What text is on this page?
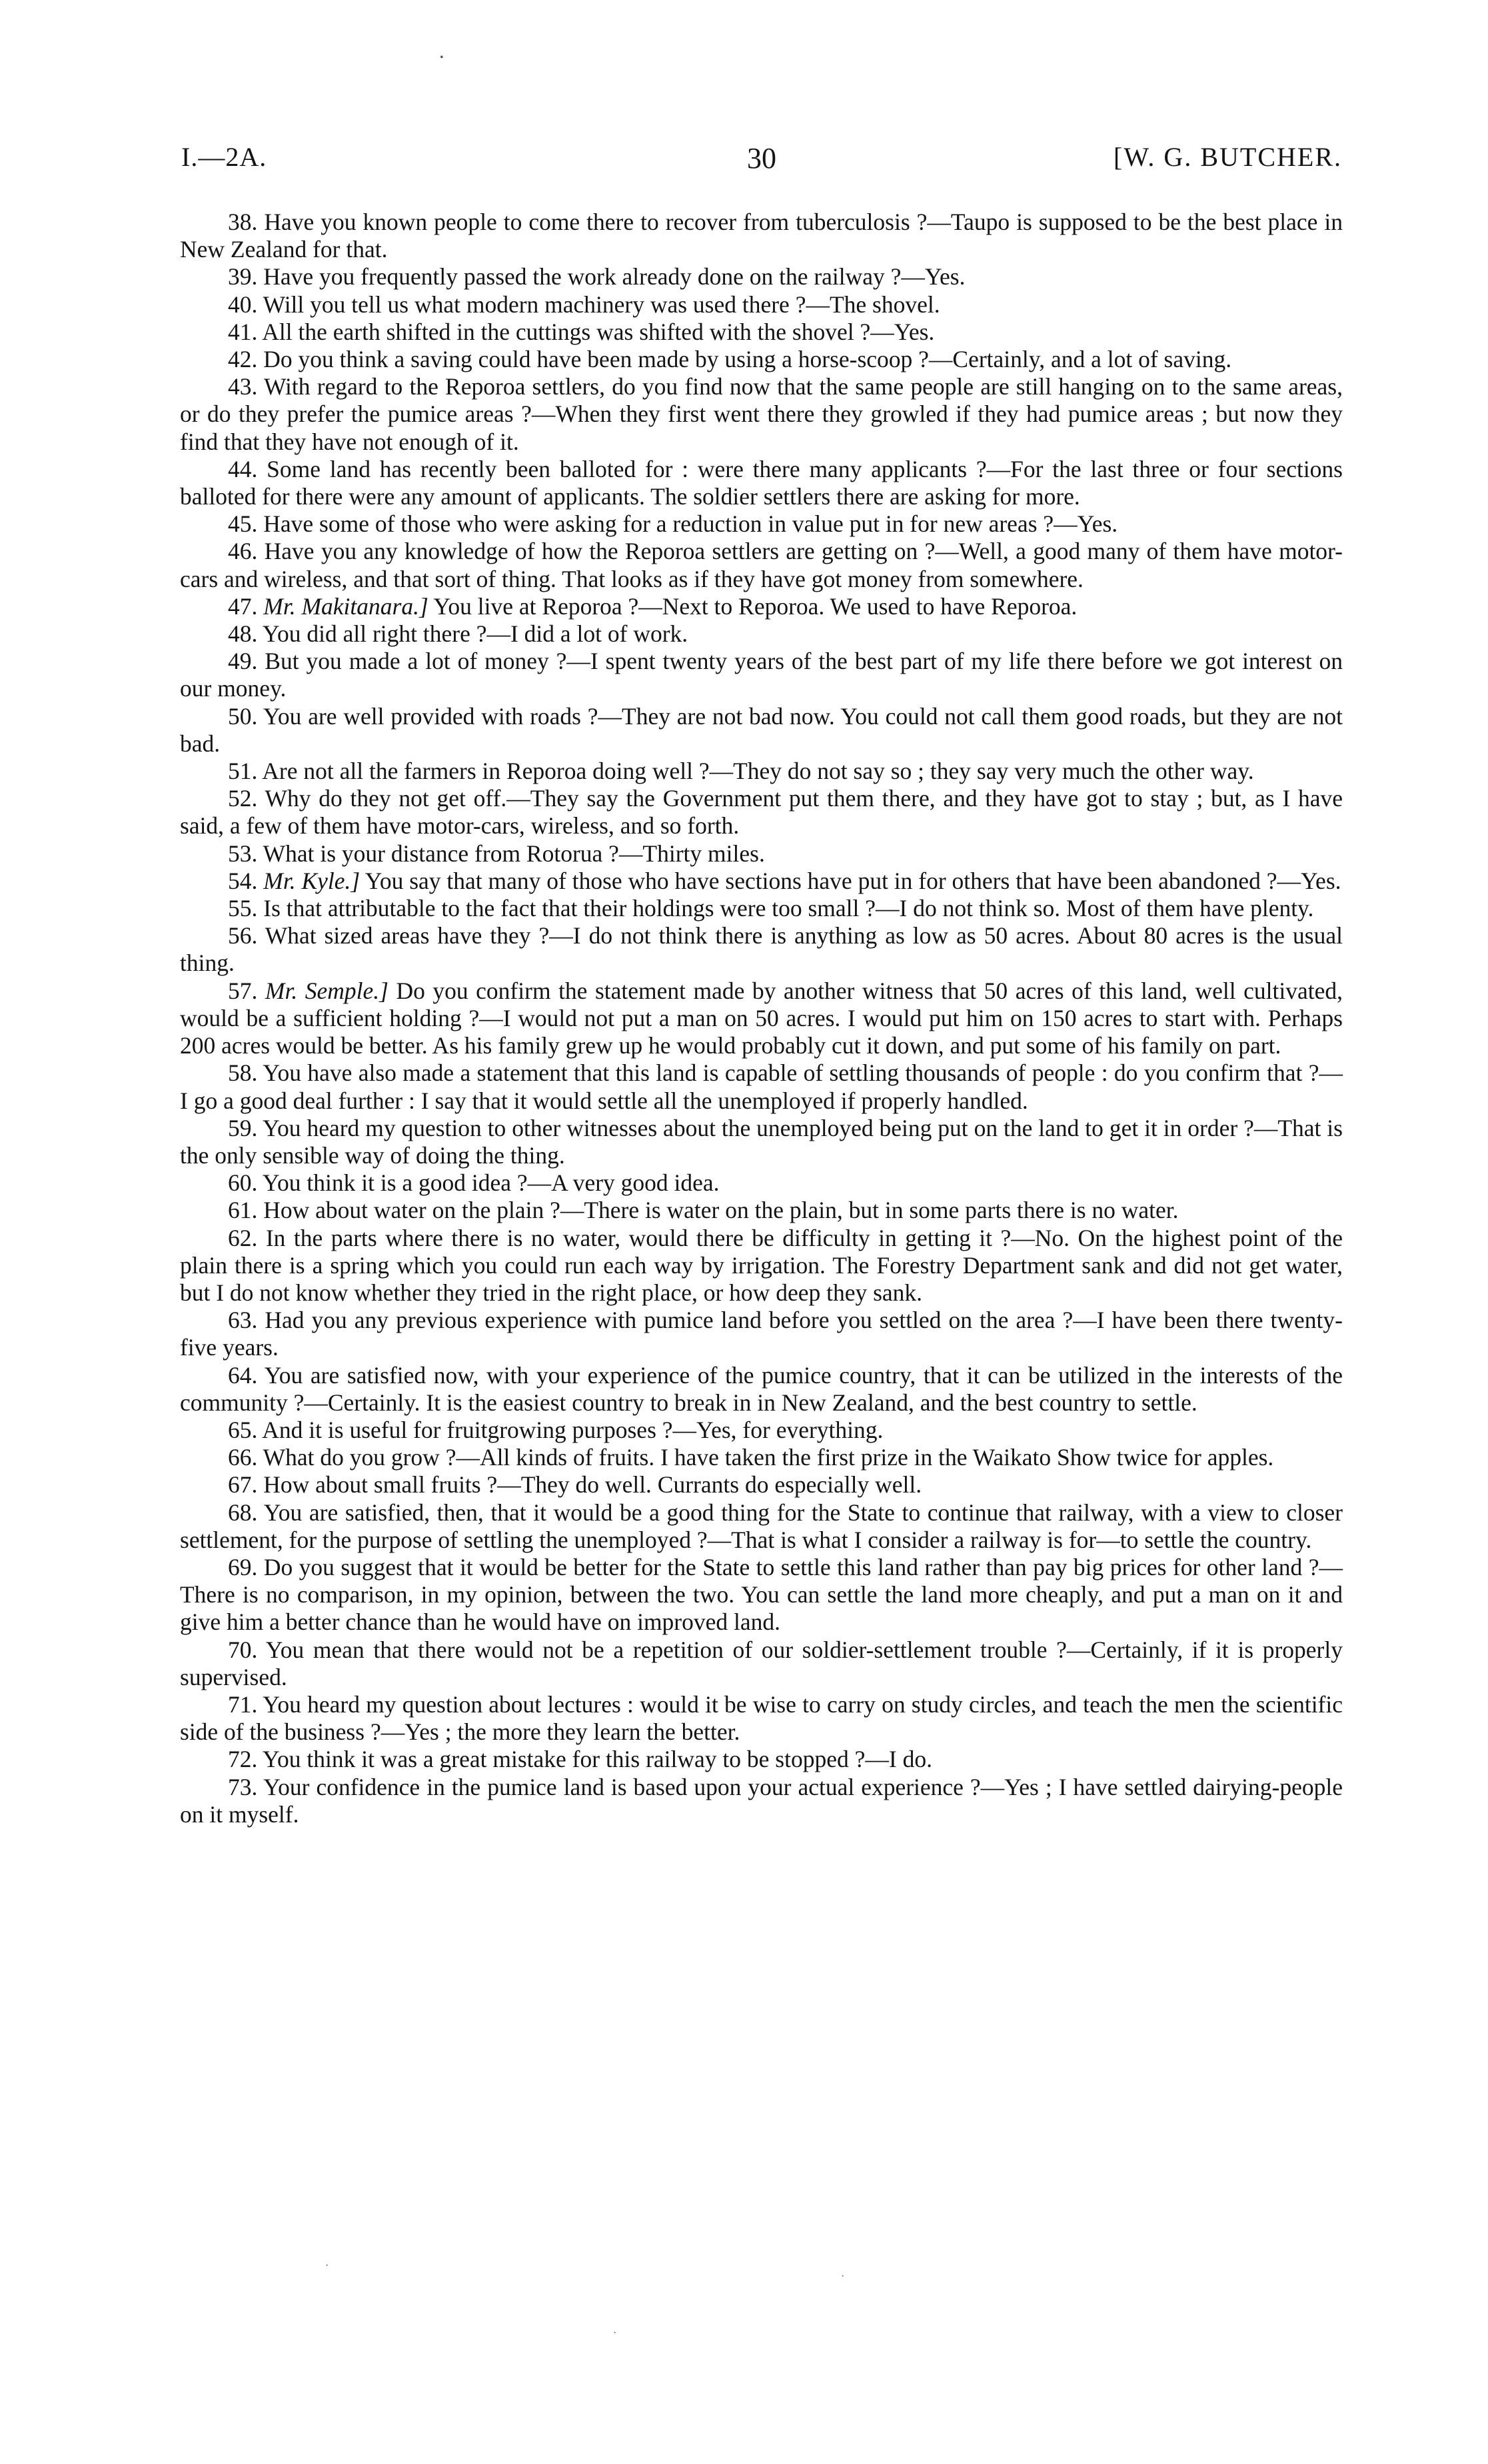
•
I.—2A.	30	[W. G. BUTCHER.

38. Have you known people to come there to recover from tuberculosis ?—Taupo is supposed to be the best place in New Zealand for that.

39. Have you frequently passed the work already done on the railway ?—Yes.

40. Will you tell us what modern machinery was used there ?—The shovel.

41. All the earth shifted in the cuttings was shifted with the shovel ?—Yes.

42. Do you think a saving could have been made by using a horse-scoop ?—Certainly, and a lot of saving.

43. With regard to the Reporoa settlers, do you find now that the same people are still hanging on to the same areas, or do they prefer the pumice areas ?—When they first went there they growled if they had pumice areas ; but now they find that they have not enough of it.

44. Some land has recently been balloted for : were there many applicants ?—For the last three or four sections balloted for there were any amount of applicants. The soldier settlers there are asking for more.

45. Have some of those who were asking for a reduction in value put in for new areas ?—Yes.

46. Have you any knowledge of how the Reporoa settlers are getting on ?—Well, a good many of them have motor-cars and wireless, and that sort of thing. That looks as if they have got money from somewhere.

47. Mr. Makitanara.] You live at Reporoa ?—Next to Reporoa. We used to have Reporoa.

48. You did all right there ?—I did a lot of work.

49. But you made a lot of money ?—I spent twenty years of the best part of my life there before we got interest on our money.

50. You are well provided with roads ?—They are not bad now. You could not call them good roads, but they are not bad.

51. Are not all the farmers in Reporoa doing well ?—They do not say so ; they say very much the other way.

52. Why do they not get off.—They say the Government put them there, and they have got to stay ; but, as I have said, a few of them have motor-cars, wireless, and so forth.

53. What is your distance from Rotorua ?—Thirty miles.

54. Mr. Kyle.] You say that many of those who have sections have put in for others that have been abandoned ?—Yes.

55. Is that attributable to the fact that their holdings were too small ?—I do not think so. Most of them have plenty.

56. What sized areas have they ?—I do not think there is anything as low as 50 acres. About 80 acres is the usual thing.

57. Mr. Semple.] Do you confirm the statement made by another witness that 50 acres of this land, well cultivated, would be a sufficient holding ?—I would not put a man on 50 acres. I would put him on 150 acres to start with. Perhaps 200 acres would be better. As his family grew up he would probably cut it down, and put some of his family on part.

58. You have also made a statement that this land is capable of settling thousands of people : do you confirm that ?—I go a good deal further : I say that it would settle all the unemployed if properly handled.

59. You heard my question to other witnesses about the unemployed being put on the land to get it in order ?—That is the only sensible way of doing the thing.

60. You think it is a good idea ?—A very good idea.

61. How about water on the plain ?—There is water on the plain, but in some parts there is no water.

62. In the parts where there is no water, would there be difficulty in getting it ?—No. On the highest point of the plain there is a spring which you could run each way by irrigation. The Forestry Department sank and did not get water, but I do not know whether they tried in the right place, or how deep they sank.

63. Had you any previous experience with pumice land before you settled on the area ?—I have been there twenty-five years.

64. You are satisfied now, with your experience of the pumice country, that it can be utilized in the interests of the community ?—Certainly. It is the easiest country to break in in New Zealand, and the best country to settle.

65. And it is useful for fruitgrowing purposes ?—Yes, for everything.

66. What do you grow ?—All kinds of fruits. I have taken the first prize in the Waikato Show twice for apples.

67. How about small fruits ?—They do well. Currants do especially well.

68. You are satisfied, then, that it would be a good thing for the State to continue that railway, with a view to closer settlement, for the purpose of settling the unemployed ?—That is what I consider a railway is for—to settle the country.

69. Do you suggest that it would be better for the State to settle this land rather than pay big prices for other land ?—There is no comparison, in my opinion, between the two. You can settle the land more cheaply, and put a man on it and give him a better chance than he would have on improved land.

70. You mean that there would not be a repetition of our soldier-settlement trouble ?—Certainly, if it is properly supervised.

71. You heard my question about lectures : would it be wise to carry on study circles, and teach the men the scientific side of the business ?—Yes ; the more they learn the better.

72. You think it was a great mistake for this railway to be stopped ?—I do.

73. Your confidence in the pumice land is based upon your actual experience ?—Yes ; I have settled dairying-people on it myself.

·
·
·
